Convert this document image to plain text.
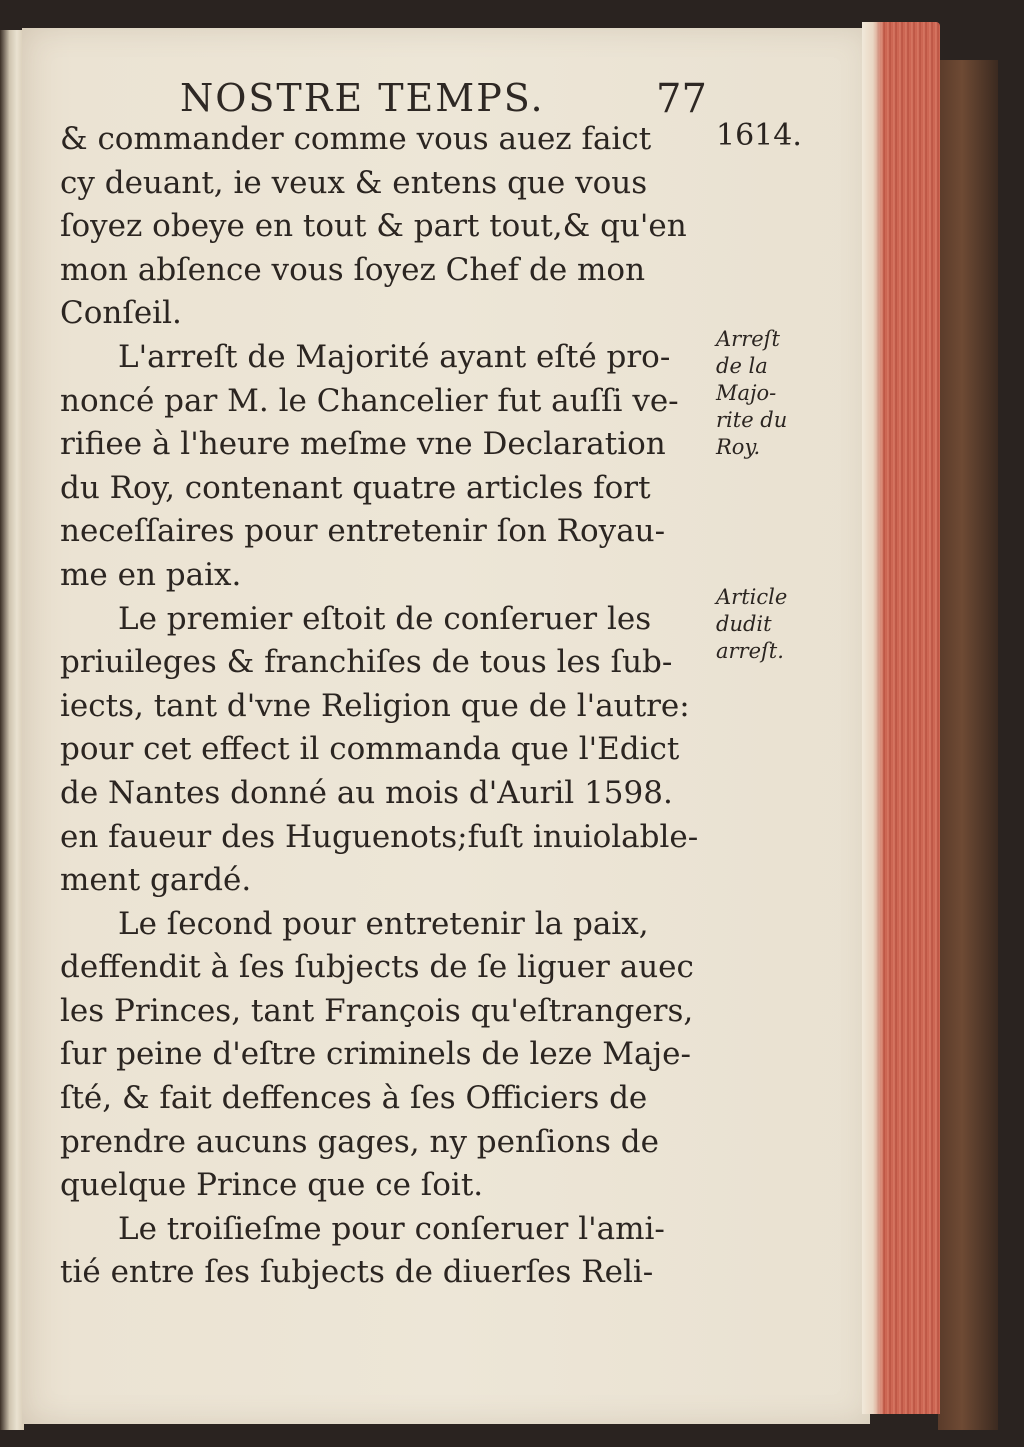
NOSTRE TEMPS.	77
& commander comme vous auez faict
cy deuant, ie veux & entens que vous
ſoyez obeye en tout & part tout,& qu'en
mon abſence vous ſoyez Chef de mon
Conſeil.
L'arreſt de Majorité ayant eſté pro-
noncé par M. le Chancelier fut auſſi ve-
rifiee à l'heure meſme vne Declaration
du Roy, contenant quatre articles fort
neceſſaires pour entretenir ſon Royau-
me en paix.
Le premier eſtoit de conſeruer les
priuileges & franchiſes de tous les ſub-
iects, tant d'vne Religion que de l'autre:
pour cet effect il commanda que l'Edict
de Nantes donné au mois d'Auril 1598.
en faueur des Huguenots;fuſt inuiolable-
ment gardé.
Le ſecond pour entretenir la paix,
deffendit à ſes ſubjects de ſe liguer auec
les Princes, tant François qu'eſtrangers,
ſur peine d'eſtre criminels de leze Maje-
ſté, & fait deffences à ſes Officiers de
prendre aucuns gages, ny penſions de
quelque Prince que ce ſoit.
Le troiſieſme pour conſeruer l'ami-
tié entre ſes ſubjects de diuerſes Reli-
1614.
Arreſt
de la
Majo-
rite du
Roy.
Article
dudit
arreſt.
